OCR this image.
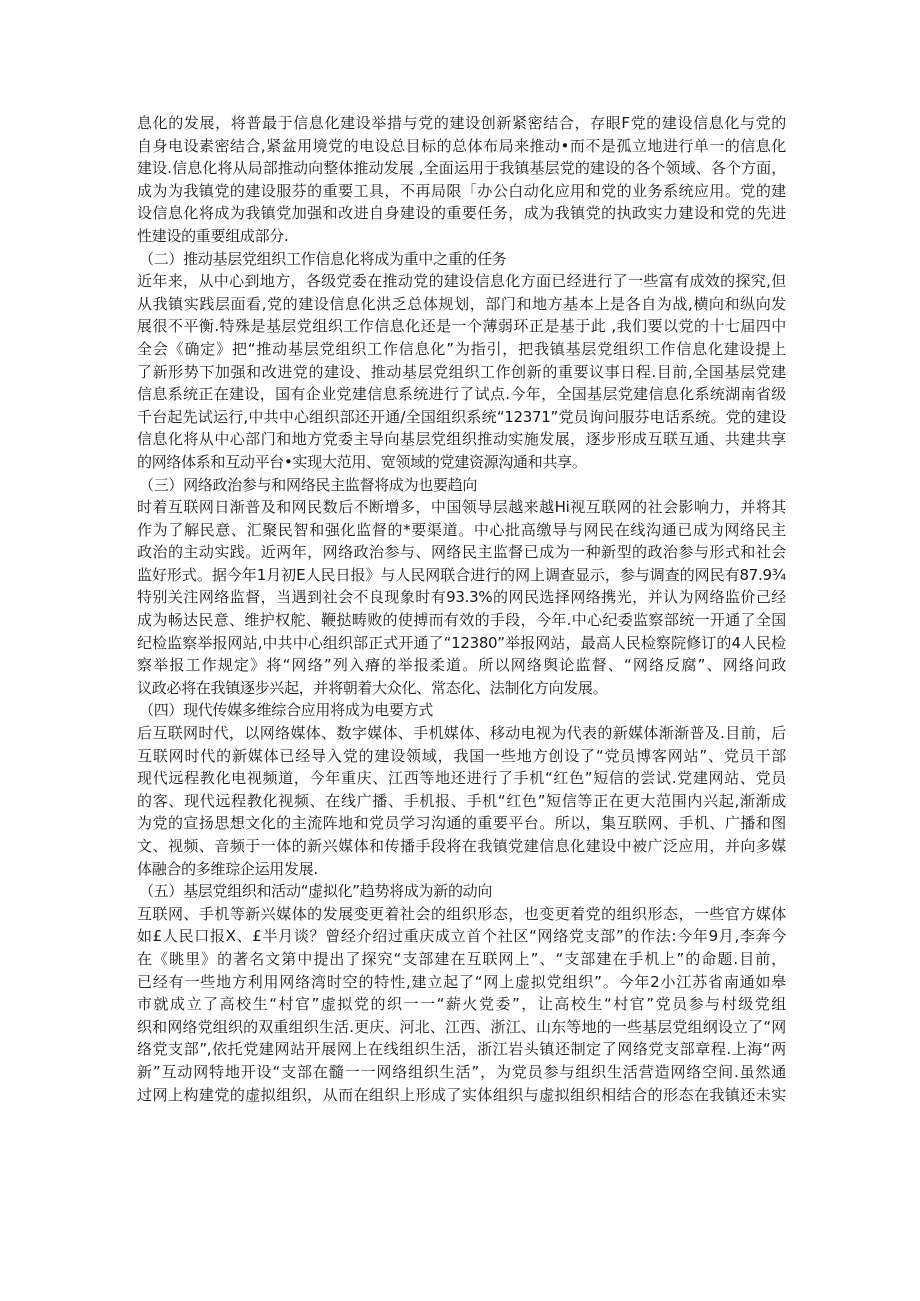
息化的发展，将普最于信息化建设举措与党的建设创新紧密结合，存眼F党的建设信息化与党的
自身电设素密结合,紧盆用境党的电设总目标的总体布局来推动•而不是孤立地进行单一的信息化
建设.信息化将从局部推动向整体推动发展 ,全面运用于我镇基层党的建设的各个领域、各个方面，
成为为我镇党的建设服芬的重要工具，不再局限「办公白动化应用和党的业务系统应用。党的建
设信息化将成为我镇党加强和改进自身建设的重要任务，成为我镇党的执政实力建设和党的先进
性建设的重要组成部分.
（二）推动基层党组织工作信息化将成为重中之重的任务
近年来，从中心到地方，各级党委在推动党的建设信息化方面已经进行了一些富有成效的探究,但
从我镇实践层面看,党的建设信息化洪乏总体规划，部门和地方基本上是各自为战,横向和纵向发
展很不平衡.特殊是基层党组织工作信息化还是一个薄弱环正是基于此 ,我们要以党的十七届四中
全会《确定》把“推动基层党组织工作信息化”为指引，把我镇基层党组织工作信息化建设提上
了新形势下加强和改进党的建设、推动基层党组织工作创新的重要议事日程.目前,全国基层党建
信息系统正在建设，国有企业党建信息系统进行了试点.今年，全国基层党建信息化系统湖南省级
千台起先试运行,中共中心组织部还开通/全国组织系统“12371”党员询问服芬电话系统。党的建设
信息化将从中心部门和地方党委主导向基层党组织推动实施发展，逐步形成互联互通、共建共享
的网络体系和互动平台•实现大范用、宽领域的党建资源沟通和共享。
（三）网络政治参与和网络民主监督将成为也要趋向
时着互联网日渐普及和网民数后不断增多，中国领导层越来越Hi视互联网的社会影响力，并将其
作为了解民意、汇聚民智和强化监督的*要渠道。中心批高缴导与网民在线沟通已成为网络民主
政治的主动实践。近两年，网络政治参与、网络民主监督已成为一种新型的政治参与形式和社会
监好形式。据今年1月初E人民日报》与人民网联合进行的网上调查显示，参与调查的网民有87.9¾
特别关注网络监督，当遇到社会不良现象时有93.3%的网民选择网络携光，并认为网络监价己经
成为畅达民意、维护权舵、鞭挞畴败的使搏而有效的手段，今年.中心纪委监察部统一开通了全国
纪检监察举报网站,中共中心组织部正式开通了“12380”举报网站，最高人民检察院修订的4人民检
察举报工作规定》将“网络”列入瘠的举报柔道。所以网络舆论监督、“网络反腐”、网络问政
议政必将在我镇逐步兴起，并将朝着大众化、常态化、法制化方向发展。
（四）现代传媒多维综合应用将成为电要方式
后互联网时代，以网络媒体、数字媒体、手机媒体、移动电视为代表的新媒体渐渐普及.目前，后
互联网时代的新媒体已经导入党的建设领域，我国一些地方创设了“党员博客网站”、党员干部
现代远程教化电视频道，今年重庆、江西等地还进行了手机“红色”短信的尝试.党建网站、党员
的客、现代远程教化视频、在线广播、手机报、手机“红色”短信等正在更大范围内兴起,渐渐成
为党的宣扬思想文化的主流阵地和党员学习沟通的重要平台。所以，集互联网、手机、广播和图
文、视频、音频于一体的新兴媒体和传播手段将在我镇党建信息化建设中被广泛应用，并向多媒
体融合的多维琮企运用发展.
（五）基层党组织和活动“虚拟化”趋势将成为新的动向
互联网、手机等新兴媒体的发展变更着社会的组织形态，也变更着党的组织形态，一些官方媒体
如£人民口报X、£半月谈？曾经介绍过重庆成立首个社区“网络党支部”的作法:今年9月,李奔今
在《眺里》的著名文第中提出了探究“支部建在互联网上”、“支部建在手机上”的命题.目前，
已经有一些地方利用网络湾时空的特性,建立起了“网上虚拟党组织”。今年2小江苏省南通如皋
市就成立了高校生“村官”虚拟党的织一一“薪火党委”，让高校生“村官”党员参与村级党组
织和网络党组织的双重组织生活.更庆、河北、江西、浙江、山东等地的一些基层党组纲设立了“网
络党支部”,依托党建网站开展网上在线组织生活，浙江岩头镇还制定了网络党支部章程.上海“两
新”互动网特地开设“支部在髓一一网络组织生活”，为党员参与组织生活营造网络空间.虽然通
过网上构建党的虚拟组织，从而在组织上形成了实体组织与虚拟组织相结合的形态在我镇还未实
